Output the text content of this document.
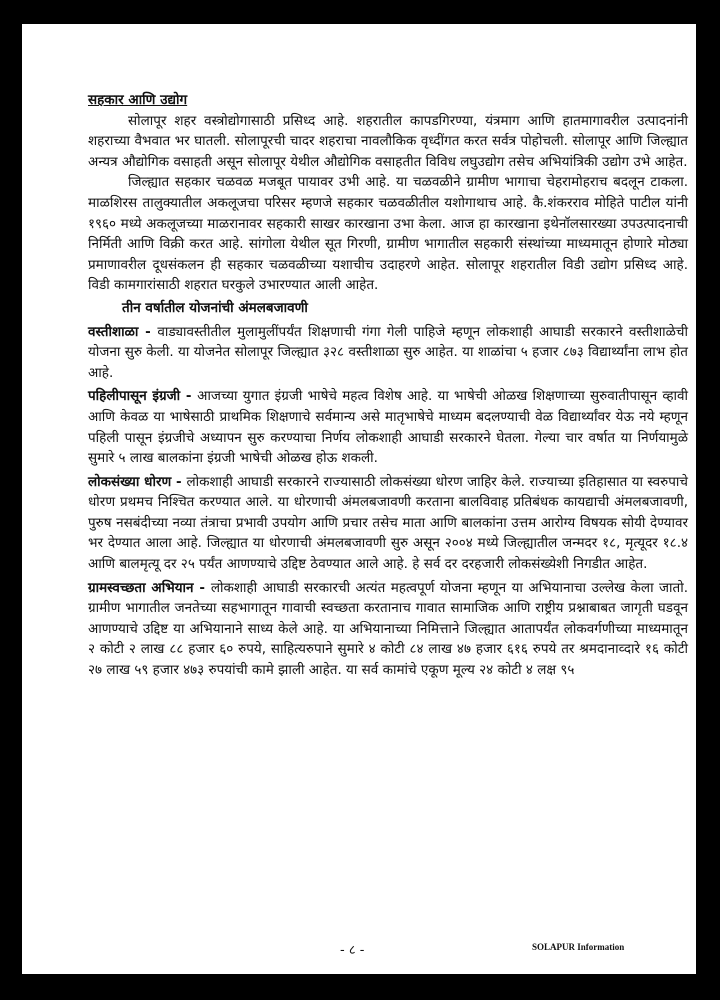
सहकार आणि उद्योग

सोलापूर शहर वस्त्रोद्योगासाठी प्रसिध्द आहे. शहरातील कापडगिरण्या, यंत्रमाग आणि हातमागावरील उत्पादनांनी शहराच्या वैभवात भर घातली. सोलापूरची चादर शहराचा नावलौकिक वृध्दींगत करत सर्वत्र पोहोचली. सोलापूर आणि जिल्ह्यात अन्यत्र औद्योगिक वसाहती असून सोलापूर येथील औद्योगिक वसाहतीत विविध लघुउद्योग तसेच अभियांत्रिकी उद्योग उभे आहेत.

जिल्ह्यात सहकार चळवळ मजबूत पायावर उभी आहे. या चळवळीने ग्रामीण भागाचा चेहरामोहराच बदलून टाकला. माळशिरस तालुक्यातील अकलूजचा परिसर म्हणजे सहकार चळवळीतील यशोगाथाच आहे. कै.शंकरराव मोहिते पाटील यांनी १९६० मध्ये अकलूजच्या माळरानावर सहकारी साखर कारखाना उभा केला. आज हा कारखाना इथेनॉलसारख्या उपउत्पादनाची निर्मिती आणि विक्री करत आहे. सांगोला येथील सूत गिरणी, ग्रामीण भागातील सहकारी संस्थांच्या माध्यमातून होणारे मोठ्या प्रमाणावरील दूधसंकलन ही सहकार चळवळीच्या यशाचीच उदाहरणे आहेत. सोलापूर शहरातील विडी उद्योग प्रसिध्द आहे. विडी कामगारांसाठी शहरात घरकुले उभारण्यात आली आहेत.

तीन वर्षातील योजनांची अंमलबजावणी

वस्तीशाळा - वाड्यावस्तीतील मुलामुलींपर्यंत शिक्षणाची गंगा गेली पाहिजे म्हणून लोकशाही आघाडी सरकारने वस्तीशाळेची योजना सुरु केली. या योजनेत सोलापूर जिल्ह्यात ३२८ वस्तीशाळा सुरु आहेत. या शाळांचा ५ हजार ८७३ विद्यार्थ्यांना लाभ होत आहे.

पहिलीपासून इंग्रजी - आजच्या युगात इंग्रजी भाषेचे महत्व विशेष आहे. या भाषेची ओळख शिक्षणाच्या सुरुवातीपासून व्हावी आणि केवळ या भाषेसाठी प्राथमिक शिक्षणाचे सर्वमान्य असे मातृभाषेचे माध्यम बदलण्याची वेळ विद्यार्थ्यांवर येऊ नये म्हणून पहिली पासून इंग्रजीचे अध्यापन सुरु करण्याचा निर्णय लोकशाही आघाडी सरकारने घेतला. गेल्या चार वर्षात या निर्णयामुळे सुमारे ५ लाख बालकांना इंग्रजी भाषेची ओळख होऊ शकली.

लोकसंख्या धोरण - लोकशाही आघाडी सरकारने राज्यासाठी लोकसंख्या धोरण जाहिर केले. राज्याच्या इतिहासात या स्वरुपाचे धोरण प्रथमच निश्चित करण्यात आले. या धोरणाची अंमलबजावणी करताना बालविवाह प्रतिबंधक कायद्याची अंमलबजावणी, पुरुष नसबंदीच्या नव्या तंत्राचा प्रभावी उपयोग आणि प्रचार तसेच माता आणि बालकांना उत्तम आरोग्य विषयक सोयी देण्यावर भर देण्यात आला आहे. जिल्ह्यात या धोरणाची अंमलबजावणी सुरु असून २००४ मध्ये जिल्ह्यातील जन्मदर १८, मृत्यूदर १८.४ आणि बालमृत्यू दर २५ पर्यंत आणण्याचे उद्दिष्ट ठेवण्यात आले आहे. हे सर्व दर दरहजारी लोकसंख्येशी निगडीत आहेत.

ग्रामस्वच्छता अभियान - लोकशाही आघाडी सरकारची अत्यंत महत्वपूर्ण योजना म्हणून या अभियानाचा उल्लेख केला जातो. ग्रामीण भागातील जनतेच्या सहभागातून गावाची स्वच्छता करतानाच गावात सामाजिक आणि राष्ट्रीय प्रश्नाबाबत जागृती घडवून आणण्याचे उद्दिष्ट या अभियानाने साध्य केले आहे. या अभियानाच्या निमित्ताने जिल्ह्यात आतापर्यंत लोकवर्गणीच्या माध्यमातून २ कोटी २ लाख ८८ हजार ६० रुपये, साहित्यरुपाने सुमारे ४ कोटी ८४ लाख ४७ हजार ६१६ रुपये तर श्रमदानाव्दारे १६ कोटी २७ लाख ५९ हजार ४७३ रुपयांची कामे झाली आहेत. या सर्व कामांचे एकूण मूल्य २४ कोटी ४ लक्ष ९५

- ८ -	SOLAPUR Information
